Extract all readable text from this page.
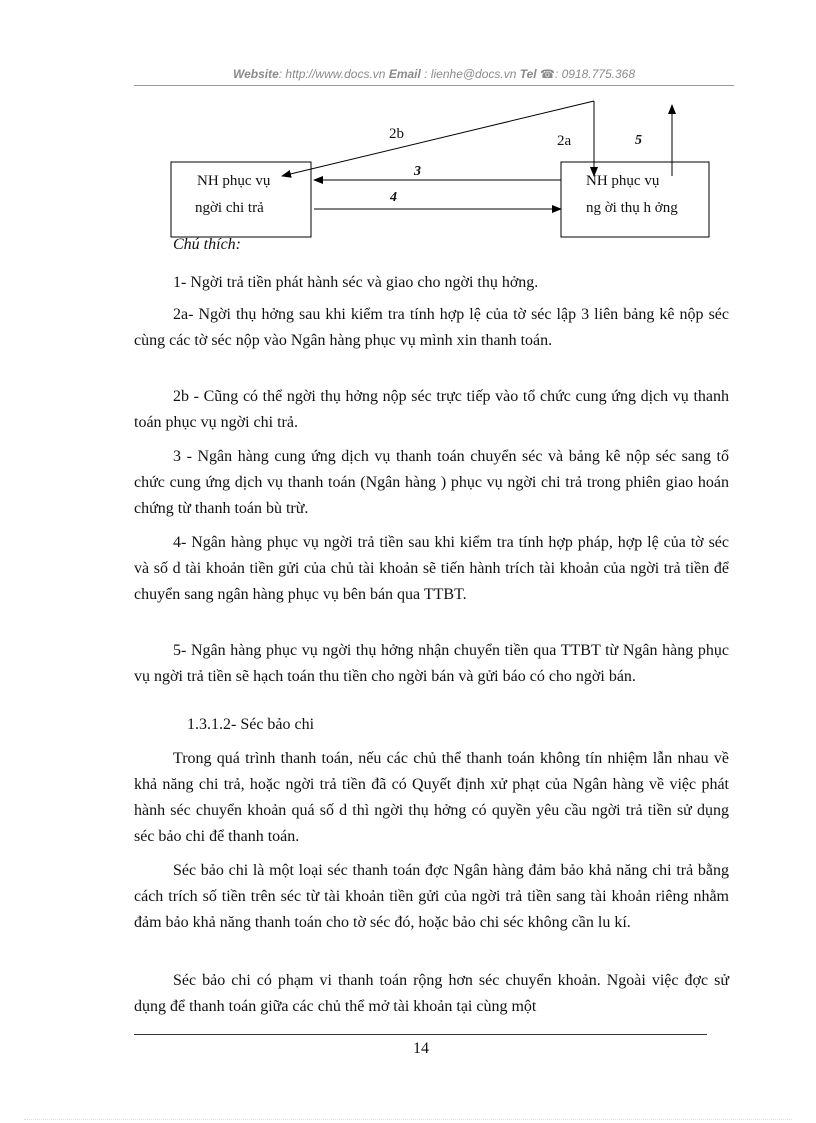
Website: http://www.docs.vn Email : lienhe@docs.vn Tel ☎: 0918.775.368
NH phục vụ
ngời chi trả
NH phục vụ
ng ời thụ h ởng
2b	2a	5
3
4
Chú thích:

1- Ngời trả tiền phát hành séc và giao cho ngời thụ hởng.

2a- Ngời thụ hởng sau khi kiểm tra tính hợp lệ của tờ séc lập 3 liên bảng kê nộp séc cùng các tờ séc nộp vào Ngân hàng phục vụ mình xin thanh toán.

2b - Cũng có thể ngời thụ hởng nộp séc trực tiếp vào tổ chức cung ứng dịch vụ thanh toán phục vụ ngời chi trả.

3 - Ngân hàng cung ứng dịch vụ thanh toán chuyển séc và bảng kê nộp séc sang tổ chức cung ứng dịch vụ thanh toán (Ngân hàng ) phục vụ ngời chi trả trong phiên giao hoán chứng từ thanh toán bù trừ.

4- Ngân hàng phục vụ ngời trả tiền sau khi kiểm tra tính hợp pháp, hợp lệ của tờ séc và số d tài khoản tiền gửi của chủ tài khoản sẽ tiến hành trích tài khoản của ngời trả tiền để chuyển sang ngân hàng phục vụ bên bán qua TTBT.

5- Ngân hàng phục vụ ngời thụ hởng nhận chuyển tiền qua TTBT từ Ngân hàng phục vụ ngời trả tiền sẽ hạch toán thu tiền cho ngời bán và gửi báo có cho ngời bán.

1.3.1.2- Séc bảo chi

Trong quá trình thanh toán, nếu các chủ thể thanh toán không tín nhiệm lẫn nhau về khả năng chi trả, hoặc ngời trả tiền đã có Quyết định xử phạt của Ngân hàng về việc phát hành séc chuyển khoản quá số d thì ngời thụ hởng có quyền yêu cầu ngời trả tiền sử dụng séc bảo chi để thanh toán.

Séc bảo chi là một loại séc thanh toán đợc Ngân hàng đảm bảo khả năng chi trả bằng cách trích số tiền trên séc từ tài khoản tiền gửi của ngời trả tiền sang tài khoản riêng nhằm đảm bảo khả năng thanh toán cho tờ séc đó, hoặc bảo chi séc không cần lu kí.

Séc bảo chi có phạm vi thanh toán rộng hơn séc chuyển khoản. Ngoài việc đợc sử dụng để thanh toán giữa các chủ thể mở tài khoản tại cùng một

14
